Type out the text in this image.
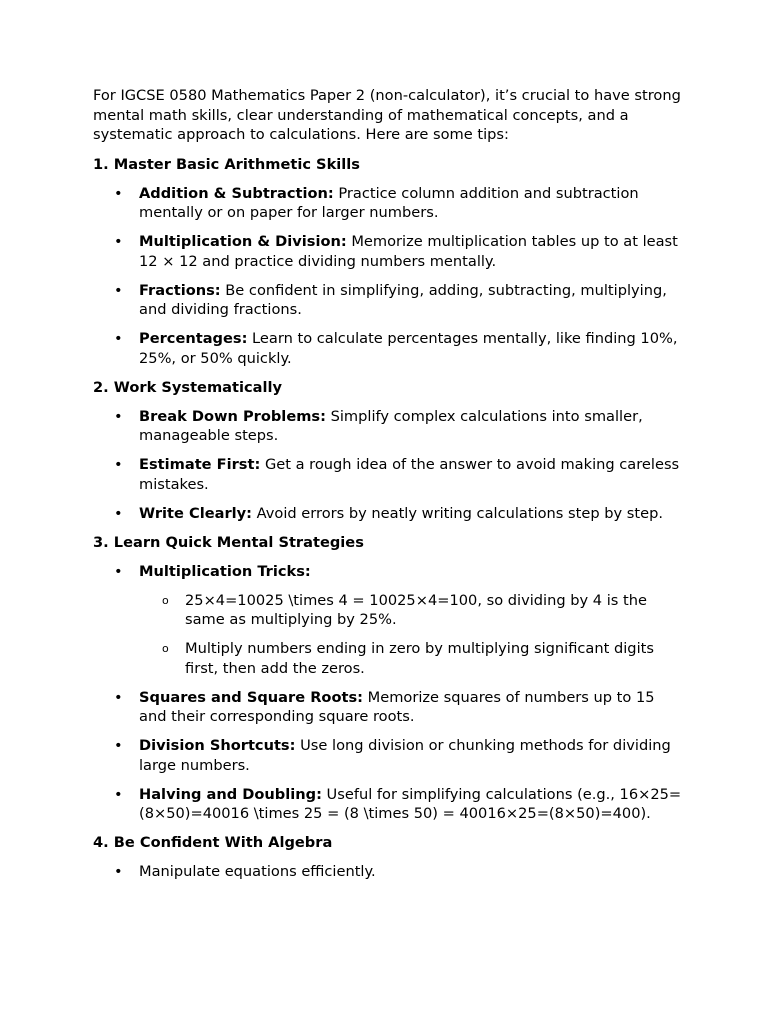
For IGCSE 0580 Mathematics Paper 2 (non-calculator), it’s crucial to have strong mental math skills, clear understanding of mathematical concepts, and a systematic approach to calculations. Here are some tips:

1. Master Basic Arithmetic Skills

• Addition & Subtraction: Practice column addition and subtraction mentally or on paper for larger numbers.
• Multiplication & Division: Memorize multiplication tables up to at least 12 × 12 and practice dividing numbers mentally.
• Fractions: Be confident in simplifying, adding, subtracting, multiplying, and dividing fractions.
• Percentages: Learn to calculate percentages mentally, like finding 10%, 25%, or 50% quickly.

2. Work Systematically

• Break Down Problems: Simplify complex calculations into smaller, manageable steps.
• Estimate First: Get a rough idea of the answer to avoid making careless mistakes.
• Write Clearly: Avoid errors by neatly writing calculations step by step.

3. Learn Quick Mental Strategies

• Multiplication Tricks:
o 25×4=10025 \times 4 = 10025×4=100, so dividing by 4 is the same as multiplying by 25%.
o Multiply numbers ending in zero by multiplying significant digits first, then add the zeros.
• Squares and Square Roots: Memorize squares of numbers up to 15 and their corresponding square roots.
• Division Shortcuts: Use long division or chunking methods for dividing large numbers.
• Halving and Doubling: Useful for simplifying calculations (e.g., 16×25=(8×50)=40016 \times 25 = (8 \times 50) = 40016×25=(8×50)=400).

4. Be Confident With Algebra

• Manipulate equations efficiently.
